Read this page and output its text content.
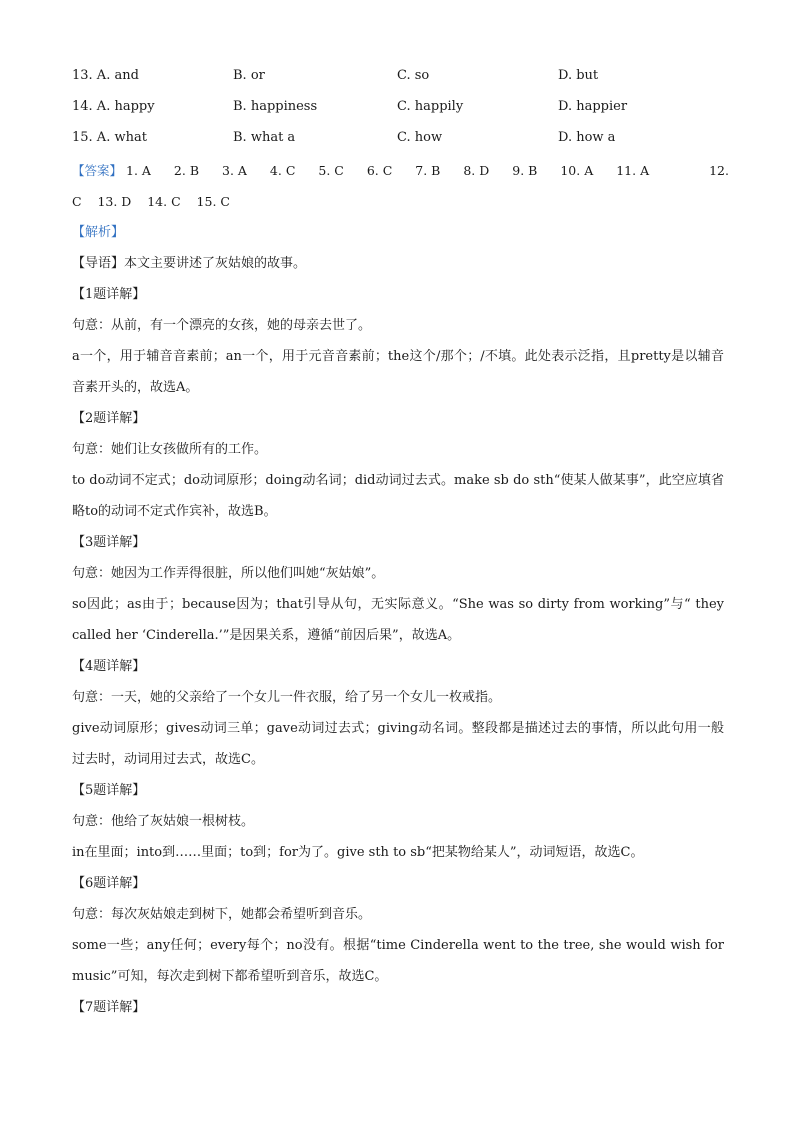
13. A. and	B. or	C. so	D. but
14. A. happy	B. happiness	C. happily	D. happier
15. A. what	B. what a	C. how	D. how a
【答案】 1. A 2. B 3. A 4. C 5. C 6. C 7. B 8. D 9. B 10. A 11. A	12.
C    13. D    14. C    15. C
【解析】
【导语】本文主要讲述了灰姑娘的故事。
【1题详解】
句意：从前，有一个漂亮的女孩，她的母亲去世了。
a一个，用于辅音音素前；an一个，用于元音音素前；the这个/那个；/不填。此处表示泛指，且pretty是以辅音音素开头的，故选A。
【2题详解】
句意：她们让女孩做所有的工作。
to do动词不定式；do动词原形；doing动名词；did动词过去式。make sb do sth“使某人做某事”，此空应填省略to的动词不定式作宾补，故选B。
【3题详解】
句意：她因为工作弄得很脏，所以他们叫她“灰姑娘”。
so因此；as由于；because因为；that引导从句，无实际意义。“She was so dirty from working”与“ they called her ‘Cinderella.’”是因果关系，遵循“前因后果”，故选A。
【4题详解】
句意：一天，她的父亲给了一个女儿一件衣服，给了另一个女儿一枚戒指。
give动词原形；gives动词三单；gave动词过去式；giving动名词。整段都是描述过去的事情，所以此句用一般过去时，动词用过去式，故选C。
【5题详解】
句意：他给了灰姑娘一根树枝。
in在里面；into到……里面；to到；for为了。give sth to sb“把某物给某人”，动词短语，故选C。
【6题详解】
句意：每次灰姑娘走到树下，她都会希望听到音乐。
some一些；any任何；every每个；no没有。根据“time Cinderella went to the tree, she would wish for music”可知，每次走到树下都希望听到音乐，故选C。
【7题详解】
